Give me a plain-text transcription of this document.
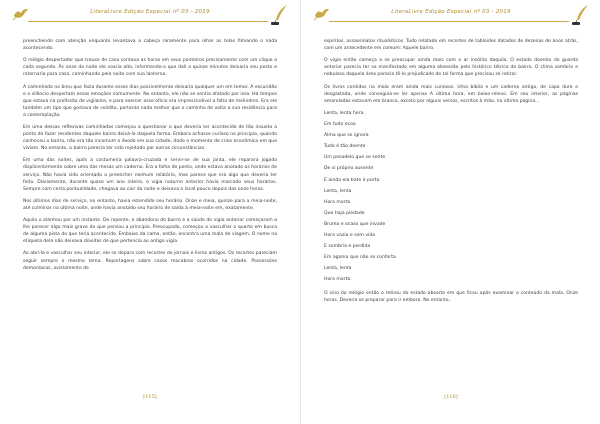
LiteraLivre Edição Especial nº 03 - 2019

preenchendo com atenção enquanto levantava a cabeça raramente para olhar as telas filmando o nada acontecendo.

O relógio despertador que trouxe de casa contava as horas em seus ponteiros precisamente com um clique a cada segundo. Às onze da noite ele soaria alto, informando-o que dali a quinze minutos deixaria seu posto e retornaria para casa, caminhando pela noite com sua lanterna.

A caminhada no breu que fazia durante esses dias possivelmente deixaria qualquer um em temor. A escuridão e o silêncio despertam essas emoções comumente. No entanto, ele não se sentia afetado por isso. Há tempos que estava na profissão de vigilante, e para exercer esse ofício era imprescindível a falta de melindres. Era ele também um tipo que gostava de solidão, portanto nada melhor que o caminho de volta a sua residência para a contemplação.

Em uma dessas reflexivas caminhadas começou a questionar o que deveria ter acontecido de tão insueto a ponto de fazer residentes daquele bairro deixá-lo daquela forma. Embora achasse curioso no princípio, quando conheceu o bairro, não era tão incomum o êxodo em sua cidade, dado o momento de crise econômica em que viviam. No entanto, o bairro parecia ter sido rejeitado por outras circunstâncias.

Em uma das noites, após a costumeira palavra-cruzada e servir-se de sua janta, ele reparara jogado displicentemente sobre uma das mesas um caderno. Era a folha de ponto, onde estava anotado os horários de serviço. Não havia sido orientado a preencher nenhum relatório, mas parece que era algo que deveria ter feito. Diariamente, durante quase um ano inteiro, o vigia noturno anterior havia marcado seus horários. Sempre com certa pontualidade, chegava ao cair da noite e deixava o local pouco depois das onze horas.

Nos últimos dias de serviço, no entanto, havia estendido seu horário. Onze e meia, quinze para a meia-noite, até culminar na última noite, onde havia anotado seu horário de saída à meia-noite em, exatamente.

Aquilo o alarmou por um instante. De repente, o abandono do bairro e a saúde do vigia anterior começaram a lhe parecer algo mais grave do que pensou a princípio. Preocupado, começou a vasculhar o quarto em busca de alguma pista do que teria acontecido. Embaixo da cama, então, encontra uma mala de viagem. O nome na etiqueta dela não deixava dúvidas de que pertencia ao antigo vigia.

Ao abri-la e vasculhar seu interior, ele se depara com recortes de jornais e livros antigos. Os recortes pareciam seguir sempre o mesmo tema. Reportagens sobre casos macabros ocorridos na cidade. Possessões demoníacas, avistamento de

[115]
LiteraLivre Edição Especial nº 03 - 2019

espíritos, assassinatos ritualísticos. Tudo relatado em recortes de tabloides datados de dezenas de anos atrás, com um antecedente em comum: Aquele bairro.

O vigia então começa a se preocupar ainda mais com o ar insólito daquilo. O estado doentio do guarda anterior parecia ter se manifestado em alguma obsessão pelo histórico tétrico do bairro. O clima sombrio e nebuloso daquela área parecia tê-lo prejudicado de tal forma que precisou se retirar.

Os livros contidos na mala eram ainda mais curiosos. Uma bíblia e um caderno antigo, de capa dura e desgastada, onde conseguia-se ler apenas A última hora, em baixo-relevo. Em seu interior, as páginas amareladas estavam em branco, exceto por alguns versos, escritos à mão, na última página...

Lenta, lenta hora.
Em tudo ecoa
Alma que se ignora
Tudo é tão doente
Um pesadelo que se sente
De si próprio ausente
E ainda ela bate à porta
Lenta, lenta
Hora morta
Que haja piedade
Bruma e ocaso que invade
Hora vazia e sem vida
E sombria e perdida
Em agonia que não se conforta
Lenta, lenta
Hora morta.

O sino do relógio então o retirou do estado absorto em que ficou após examinar o conteúdo da mala. Onze horas. Deveria se preparar para ir embora. No entanto,

[116]
